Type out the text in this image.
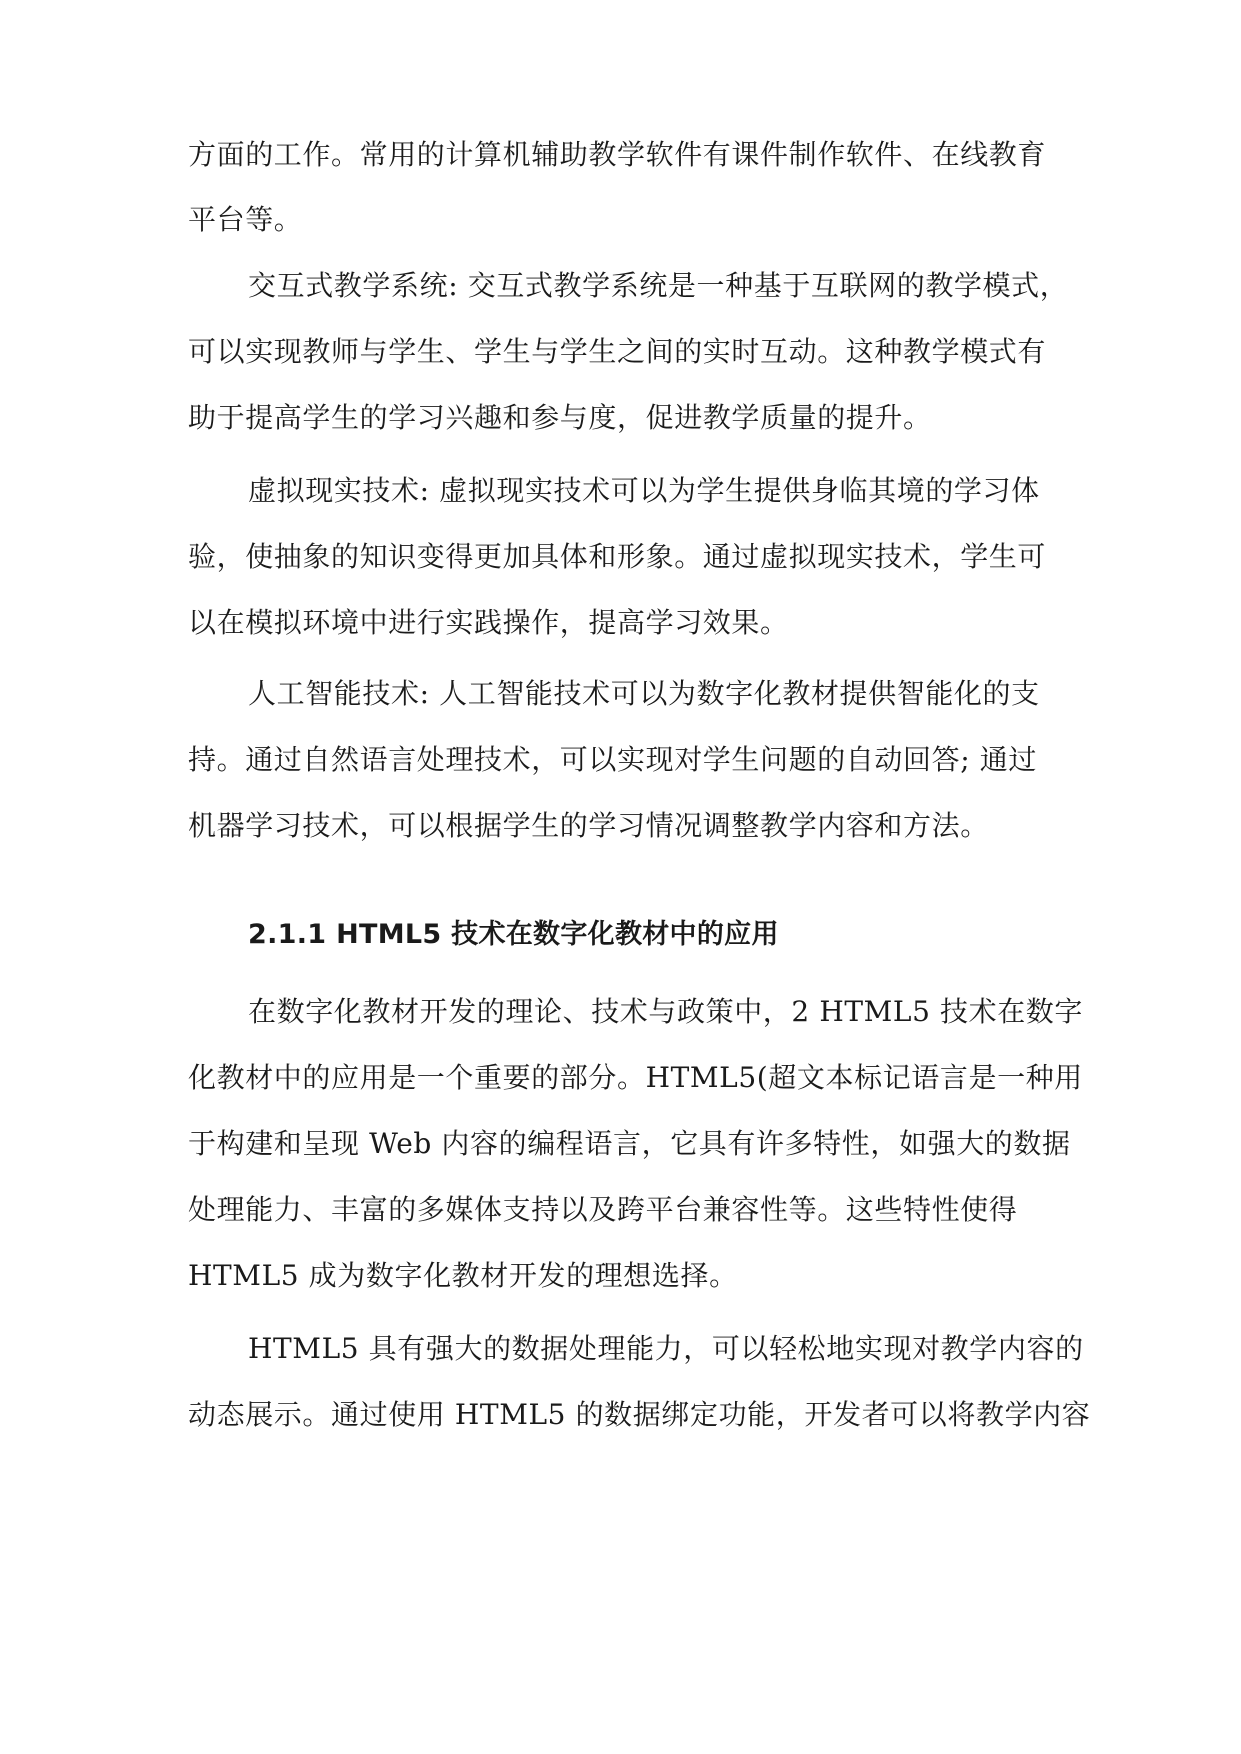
方面的工作。常用的计算机辅助教学软件有课件制作软件、在线教育
平台等。
交互式教学系统: 交互式教学系统是一种基于互联网的教学模式，
可以实现教师与学生、学生与学生之间的实时互动。这种教学模式有
助于提高学生的学习兴趣和参与度，促进教学质量的提升。
虚拟现实技术: 虚拟现实技术可以为学生提供身临其境的学习体
验，使抽象的知识变得更加具体和形象。通过虚拟现实技术，学生可
以在模拟环境中进行实践操作，提高学习效果。
人工智能技术: 人工智能技术可以为数字化教材提供智能化的支
持。通过自然语言处理技术，可以实现对学生问题的自动回答; 通过
机器学习技术，可以根据学生的学习情况调整教学内容和方法。
2.1.1 HTML5 技术在数字化教材中的应用
在数字化教材开发的理论、技术与政策中，2 HTML5 技术在数字
化教材中的应用是一个重要的部分。HTML5(超文本标记语言是一种用
于构建和呈现 Web 内容的编程语言，它具有许多特性，如强大的数据
处理能力、丰富的多媒体支持以及跨平台兼容性等。这些特性使得
HTML5 成为数字化教材开发的理想选择。
HTML5 具有强大的数据处理能力，可以轻松地实现对教学内容的
动态展示。通过使用 HTML5 的数据绑定功能，开发者可以将教学内容
